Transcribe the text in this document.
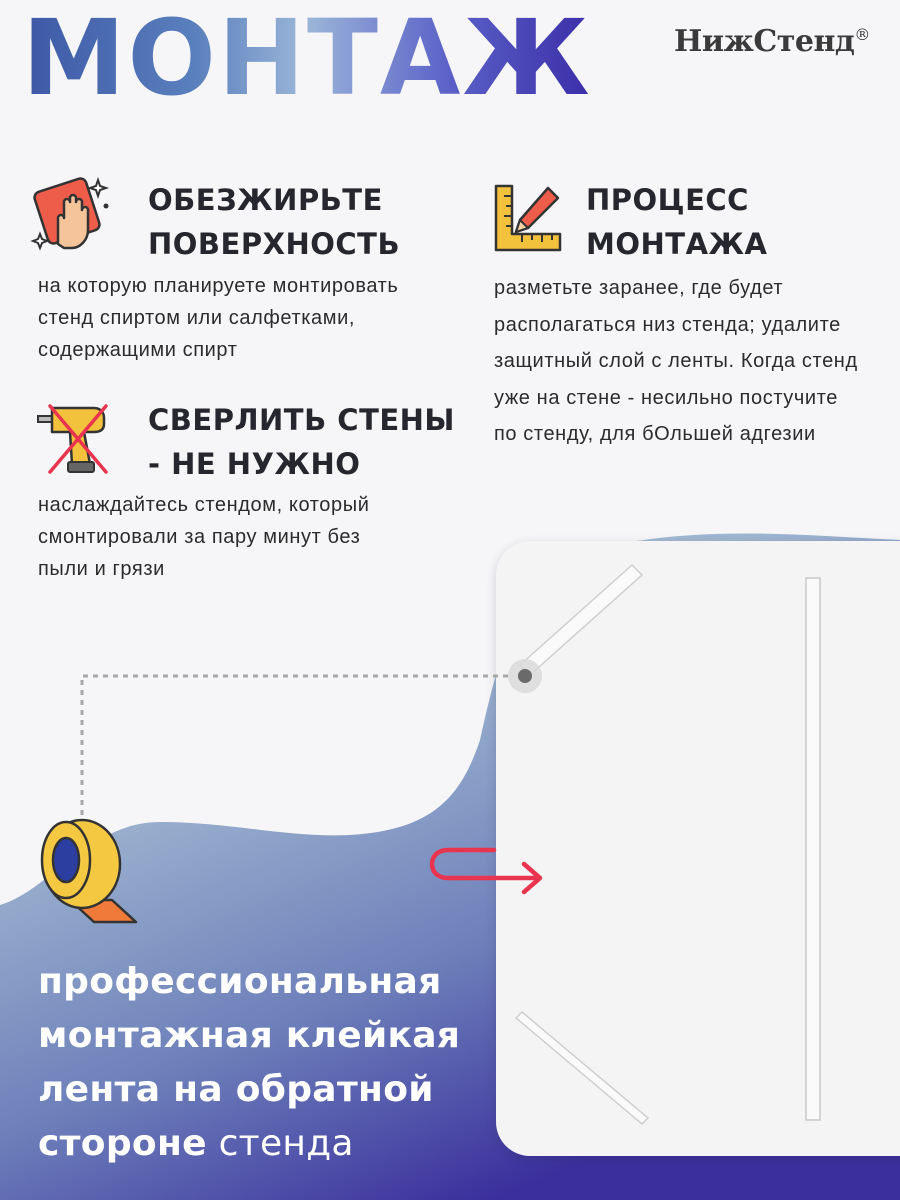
МОНТАЖ	НижСтенд®
ОБЕЗЖИРЬТЕ
ПОВЕРХНОСТЬ
на которую планируете монтировать
стенд спиртом или салфетками,
содержащими спирт
ПРОЦЕСС
МОНТАЖА
разметьте заранее, где будет
располагаться низ стенда; удалите
защитный слой с ленты. Когда стенд
уже на стене - несильно постучите
по стенду, для бОльшей адгезии
СВЕРЛИТЬ СТЕНЫ
- НЕ НУЖНО
наслаждайтесь стендом, который
смонтировали за пару минут без
пыли и грязи
профессиональная
монтажная клейкая
лента на обратной
стороне стенда
